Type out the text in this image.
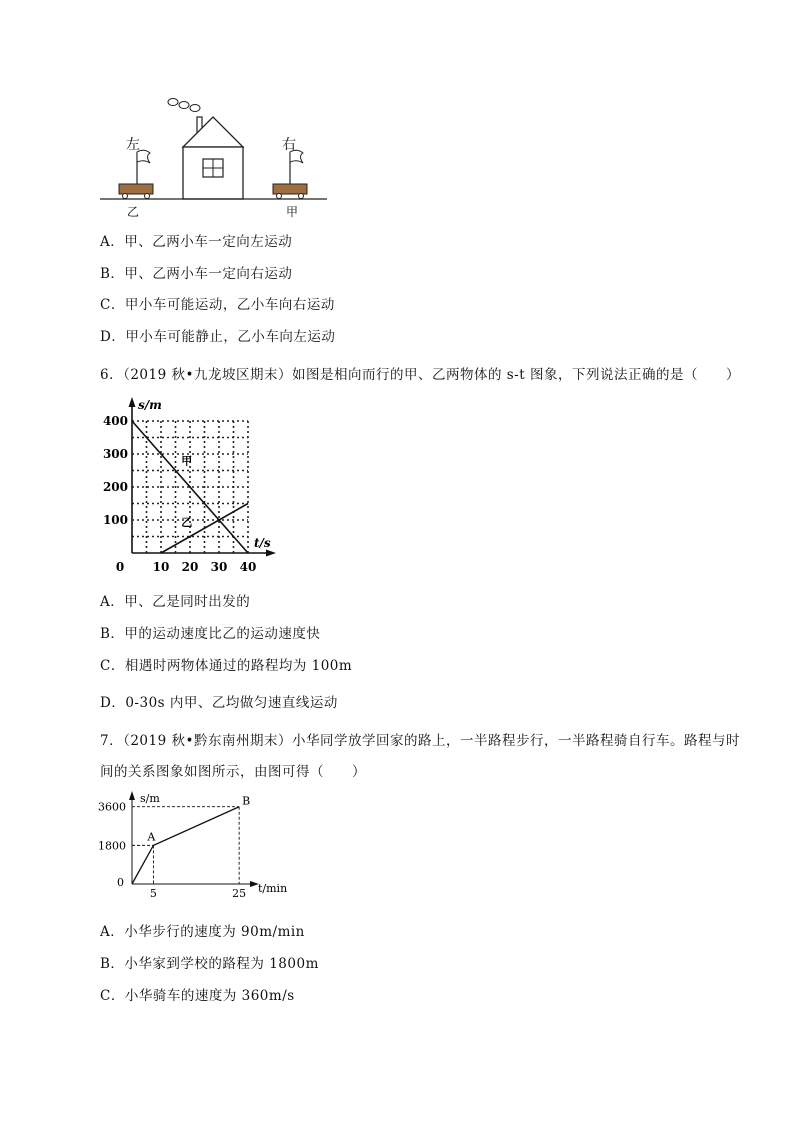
左	右
乙	甲
A．甲、乙两小车一定向左运动
B．甲、乙两小车一定向右运动
C．甲小车可能运动，乙小车向右运动
D．甲小车可能静止，乙小车向左运动
6．（2019 秋•九龙坡区期末）如图是相向而行的甲、乙两物体的 s-t 图象，下列说法正确的是（　　）
s/m
t/s
100
200
300
400
0 10 20 30 40
甲
乙
A．甲、乙是同时出发的
B．甲的运动速度比乙的运动速度快
C．相遇时两物体通过的路程均为 100m
D．0-30s 内甲、乙均做匀速直线运动
7．（2019 秋•黔东南州期末）小华同学放学回家的路上，一半路程步行，一半路程骑自行车。路程与时
间的关系图象如图所示，由图可得（　　）
s/m
t/min
3600
1800
0
5	25
A
B
A．小华步行的速度为 90m/min
B．小华家到学校的路程为 1800m
C．小华骑车的速度为 360m/s
